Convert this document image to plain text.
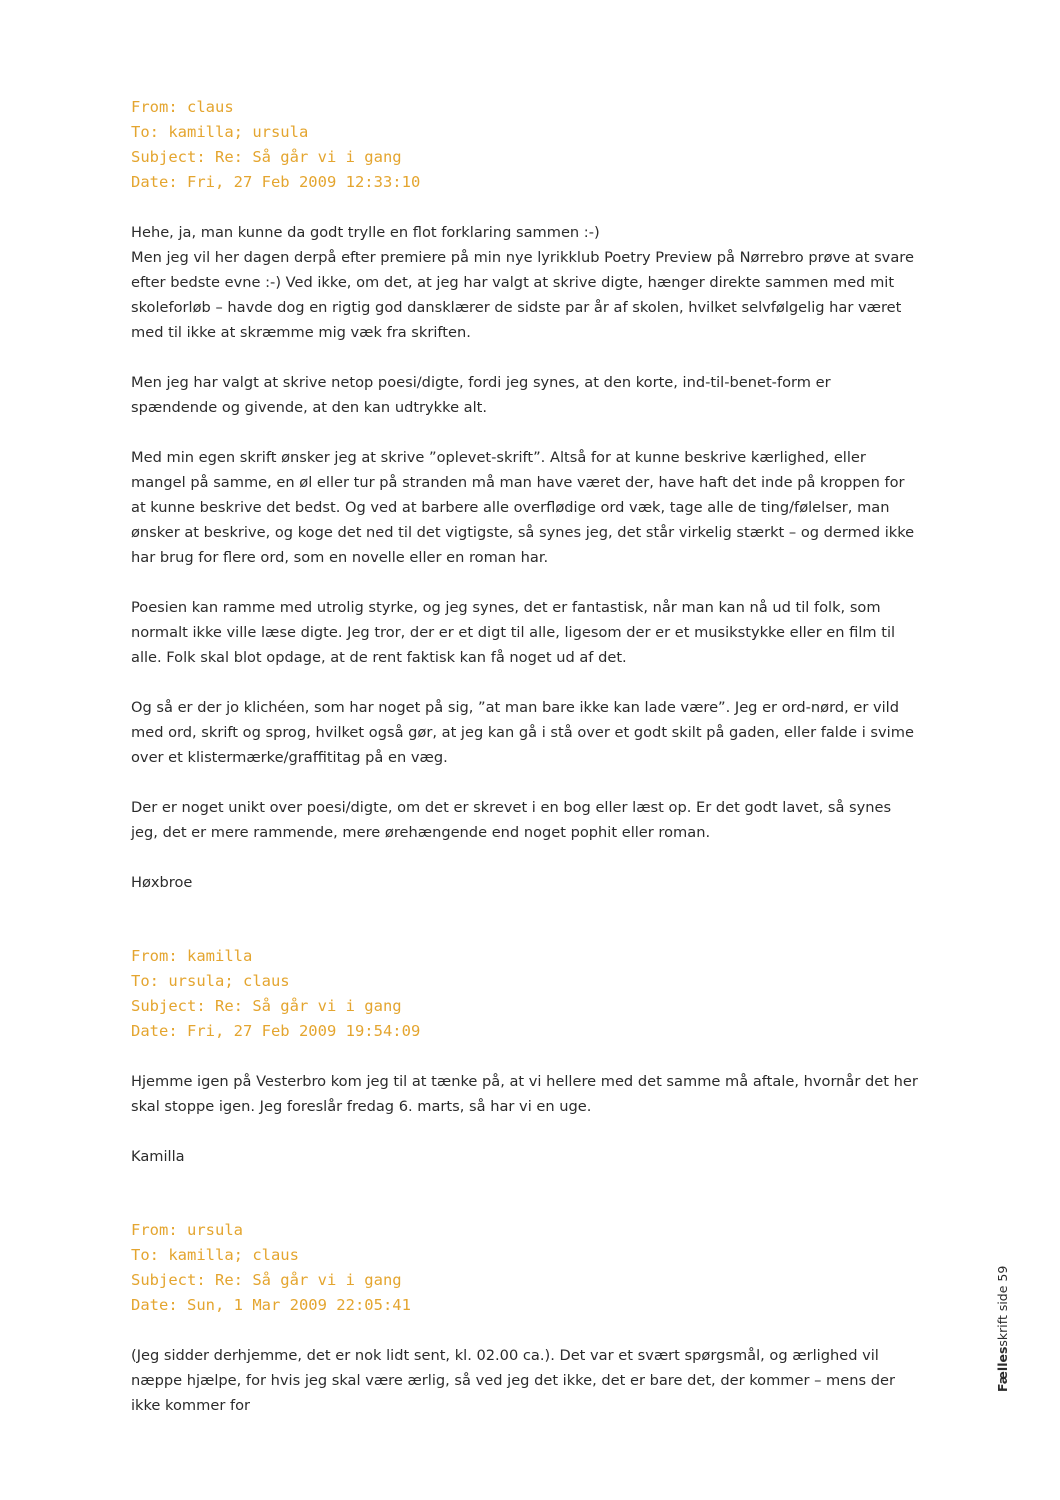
From: claus
To: kamilla; ursula
Subject: Re: Så går vi i gang
Date: Fri, 27 Feb 2009 12:33:10

Hehe, ja, man kunne da godt trylle en flot forklaring sammen :-)
Men jeg vil her dagen derpå efter premiere på min nye lyrikklub Poetry Preview på Nørrebro prøve at svare efter bedste evne :-) Ved ikke, om det, at jeg har valgt at skrive digte, hænger direkte sammen med mit skoleforløb – havde dog en rigtig god dansklærer de sidste par år af skolen, hvilket selvfølgelig har været med til ikke at skræmme mig væk fra skriften.

Men jeg har valgt at skrive netop poesi/digte, fordi jeg synes, at den korte, ind-til-benet-form er spændende og givende, at den kan udtrykke alt.

Med min egen skrift ønsker jeg at skrive ”oplevet-skrift”. Altså for at kunne beskrive kærlighed, eller mangel på samme, en øl eller tur på stranden må man have været der, have haft det inde på kroppen for at kunne beskrive det bedst. Og ved at barbere alle overflødige ord væk, tage alle de ting/følelser, man ønsker at beskrive, og koge det ned til det vigtigste, så synes jeg, det står virkelig stærkt – og dermed ikke har brug for flere ord, som en novelle eller en roman har.

Poesien kan ramme med utrolig styrke, og jeg synes, det er fantastisk, når man kan nå ud til folk, som normalt ikke ville læse digte. Jeg tror, der er et digt til alle, ligesom der er et musikstykke eller en film til alle. Folk skal blot opdage, at de rent faktisk kan få noget ud af det.

Og så er der jo klichéen, som har noget på sig, ”at man bare ikke kan lade være”. Jeg er ord-nørd, er vild med ord, skrift og sprog, hvilket også gør, at jeg kan gå i stå over et godt skilt på gaden, eller falde i svime over et klistermærke/graffititag på en væg.

Der er noget unikt over poesi/digte, om det er skrevet i en bog eller læst op. Er det godt lavet, så synes jeg, det er mere rammende, mere ørehængende end noget pophit eller roman.

Høxbroe

From: kamilla
To: ursula; claus
Subject: Re: Så går vi i gang
Date: Fri, 27 Feb 2009 19:54:09

Hjemme igen på Vesterbro kom jeg til at tænke på, at vi hellere med det samme må aftale, hvornår det her skal stoppe igen. Jeg foreslår fredag 6. marts, så har vi en uge.

Kamilla

From: ursula
To: kamilla; claus
Subject: Re: Så går vi i gang
Date: Sun, 1 Mar 2009 22:05:41

(Jeg sidder derhjemme, det er nok lidt sent, kl. 02.00 ca.). Det var et svært spørgsmål, og ærlighed vil næppe hjælpe, for hvis jeg skal være ærlig, så ved jeg det ikke, det er bare det, der kommer – mens der ikke kommer for

Fællesskrift side 59
